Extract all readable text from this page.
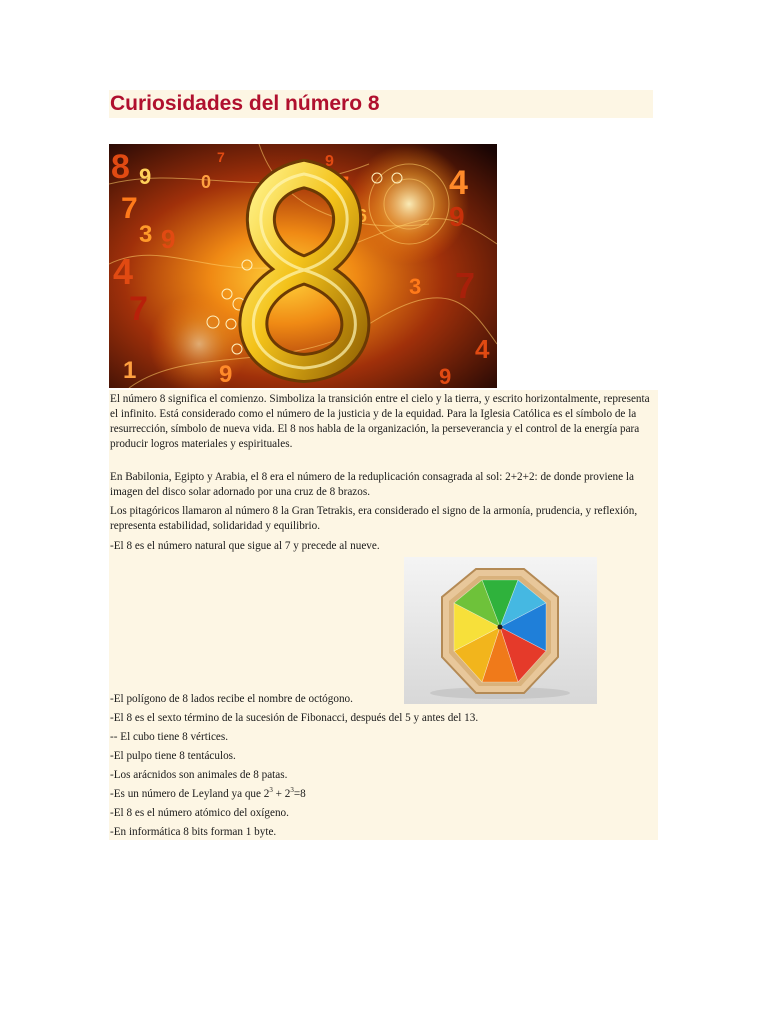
Curiosidades del número 8
8
7
4
7
3 9
0
7	9
7
6
4
9
3 7
4
1	9	9
9

El número 8 significa el comienzo. Simboliza la transición entre el cielo y la tierra, y escrito horizontalmente, representa el infinito. Está considerado como el número de la justicia y de la equidad. Para la Iglesia Católica es el símbolo de la resurrección, símbolo de nueva vida. El 8 nos habla de la organización, la perseverancia y el control de la energía para producir logros materiales y espirituales.

En Babilonia, Egipto y Arabia, el 8 era el número de la reduplicación consagrada al sol: 2+2+2: de donde proviene la imagen del disco solar adornado por una cruz de 8 brazos.

Los pitagóricos llamaron al número 8 la Gran Tetrakis, era considerado el signo de la armonía, prudencia, y reflexión, representa estabilidad, solidaridad y equilibrio.

-El 8 es el número natural que sigue al 7 y precede al nueve.

-El polígono de 8 lados recibe el nombre de octógono.

-El 8 es el sexto término de la sucesión de Fibonacci, después del 5 y antes del 13.

-- El cubo tiene 8 vértices.

-El pulpo tiene 8 tentáculos.

-Los arácnidos son animales de 8 patas.

-Es un número de Leyland ya que $2^3 + 2^3=8$

-El 8 es el número atómico del oxígeno.

-En informática 8 bits forman 1 byte.
